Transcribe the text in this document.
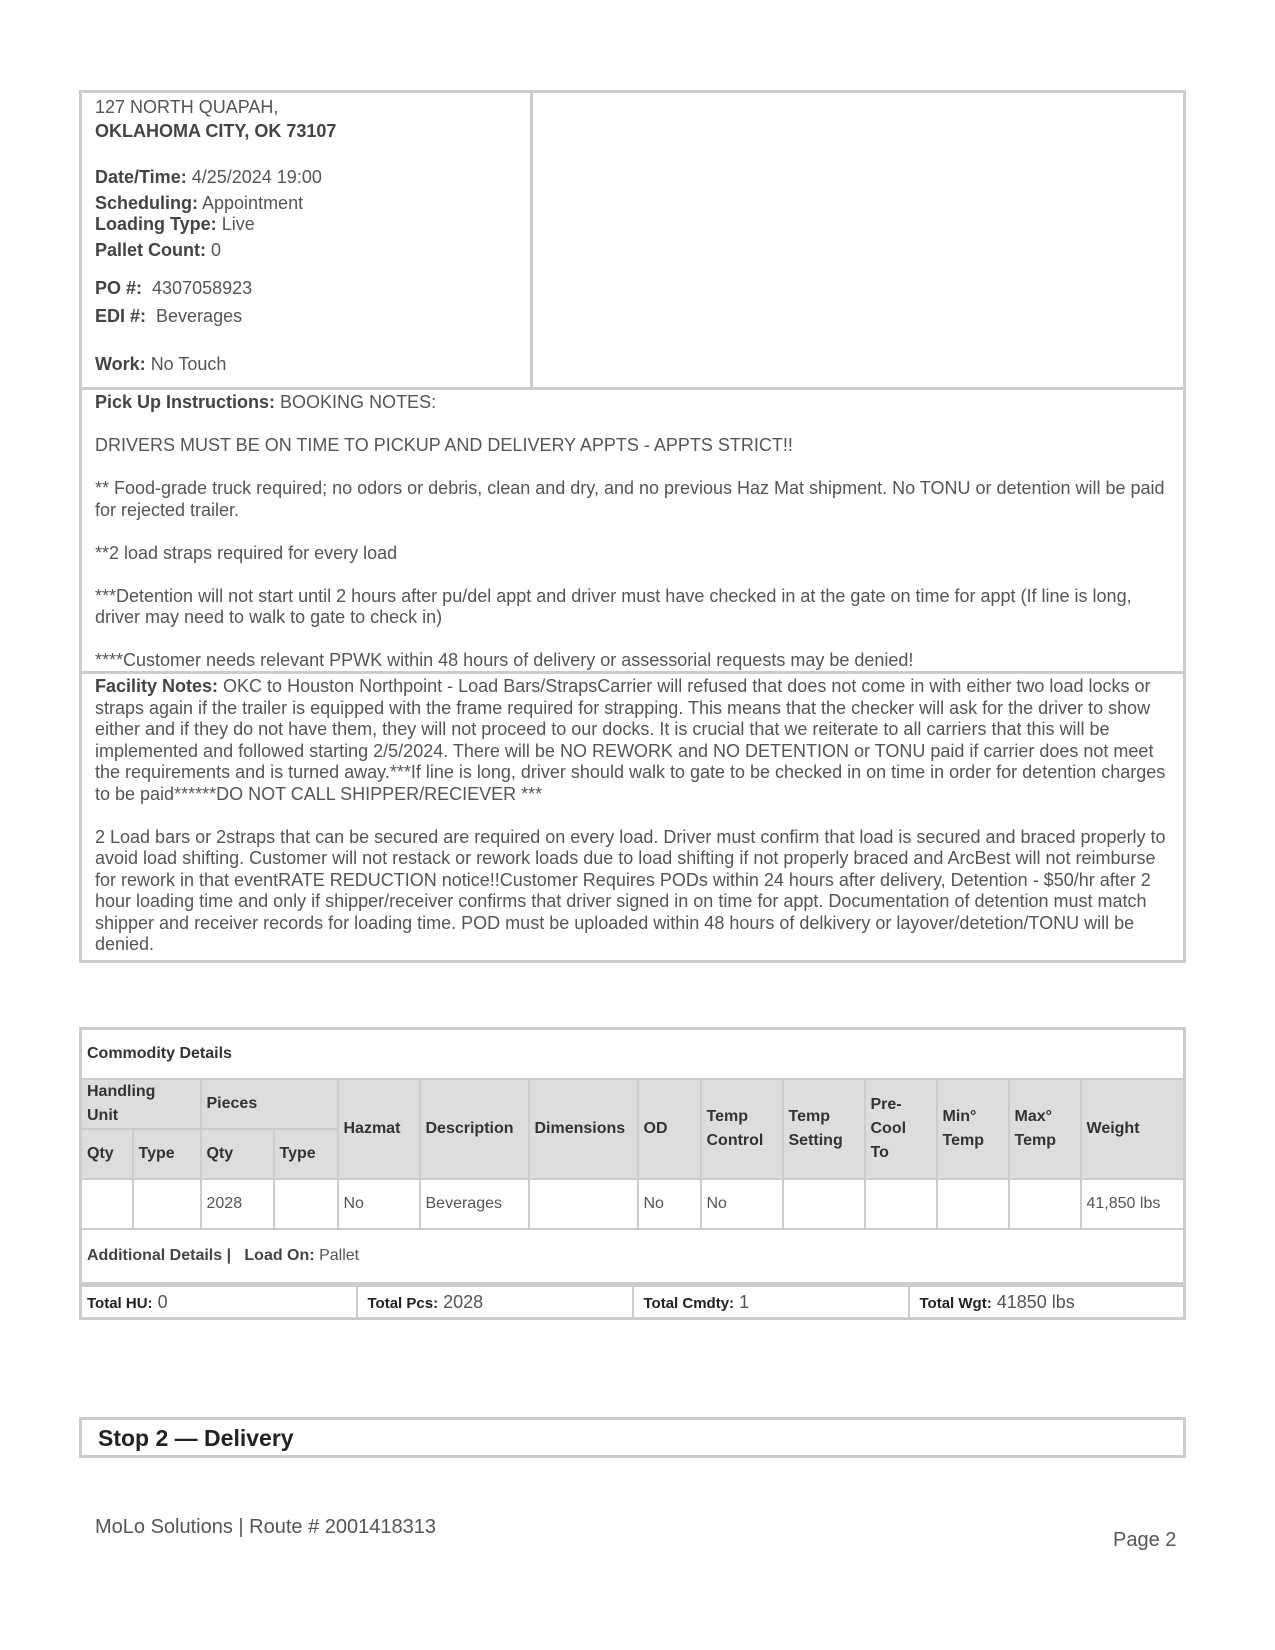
127 NORTH QUAPAH,
OKLAHOMA CITY, OK 73107
Date/Time: 4/25/2024 19:00
Scheduling: Appointment
Loading Type: Live
Pallet Count: 0
PO #: 4307058923
EDI #: Beverages
Work: No Touch

Pick Up Instructions: BOOKING NOTES:

DRIVERS MUST BE ON TIME TO PICKUP AND DELIVERY APPTS - APPTS STRICT!!

** Food-grade truck required; no odors or debris, clean and dry, and no previous Haz Mat shipment. No TONU or detention will be paid for rejected trailer.

**2 load straps required for every load

***Detention will not start until 2 hours after pu/del appt and driver must have checked in at the gate on time for appt (If line is long, driver may need to walk to gate to check in)

****Customer needs relevant PPWK within 48 hours of delivery or assessorial requests may be denied!

Facility Notes: OKC to Houston Northpoint - Load Bars/StrapsCarrier will refused that does not come in with either two load locks or straps again if the trailer is equipped with the frame required for strapping. This means that the checker will ask for the driver to show either and if they do not have them, they will not proceed to our docks. It is crucial that we reiterate to all carriers that this will be implemented and followed starting 2/5/2024. There will be NO REWORK and NO DETENTION or TONU paid if carrier does not meet the requirements and is turned away.***If line is long, driver should walk to gate to be checked in on time in order for detention charges to be paid******DO NOT CALL SHIPPER/RECIEVER ***

2 Load bars or 2straps that can be secured are required on every load. Driver must confirm that load is secured and braced properly to avoid load shifting. Customer will not restack or rework loads due to load shifting if not properly braced and ArcBest will not reimburse for rework in that eventRATE REDUCTION notice!!Customer Requires PODs within 24 hours after delivery, Detention - $50/hr after 2 hour loading time and only if shipper/receiver confirms that driver signed in on time for appt. Documentation of detention must match shipper and receiver records for loading time. POD must be uploaded within 48 hours of delkivery or layover/detetion/TONU will be denied.

Commodity Details													
Handling Unit		Pieces		Hazmat	Description	Dimensions	OD	Temp Control	Temp Setting	Pre-Cool To	Min° Temp	Max° Temp	Weight
Qty	Type	Qty	Type										
		2028		No	Beverages		No	No					41,850 lbs
Additional Details | Load On: Pallet													
Total HU: 0	Total Pcs: 2028	Total Cmdty: 1	Total Wgt: 41850 lbs
Stop 2 — Delivery
MoLo Solutions | Route # 2001418313
Page 2
